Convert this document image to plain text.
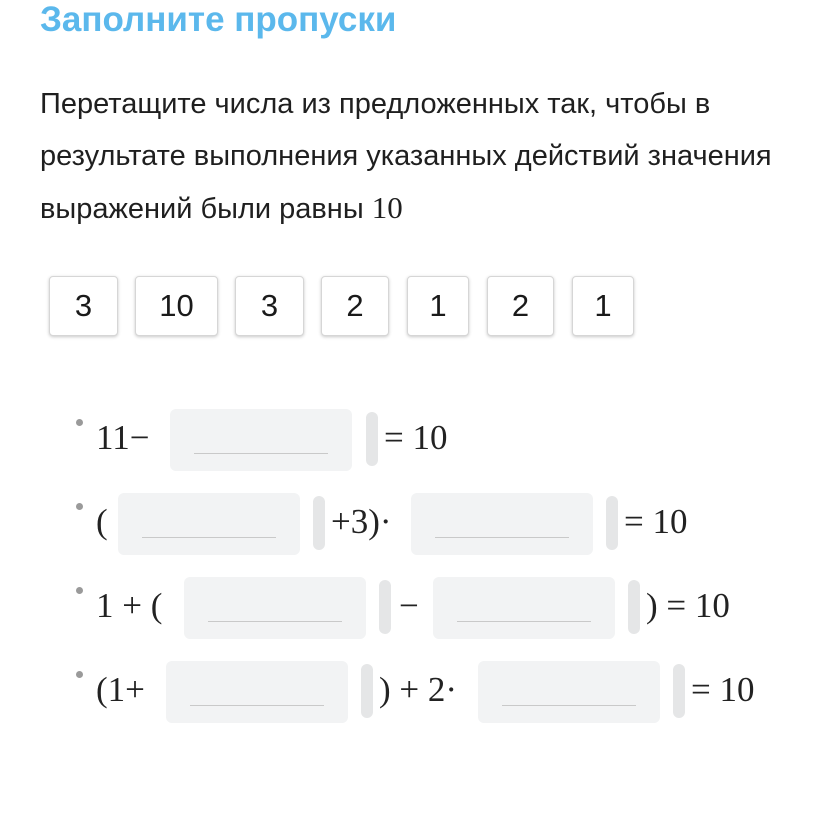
Заполните пропуски
Перетащите числа из предложенных так, чтобы в результате выполнения указанных действий значения выражений были равны 10
3	10	3	2	1	2	1
11−	= 10
(	+3)·	= 10
1 + (	−	) = 10
(1+	) + 2·	= 10
